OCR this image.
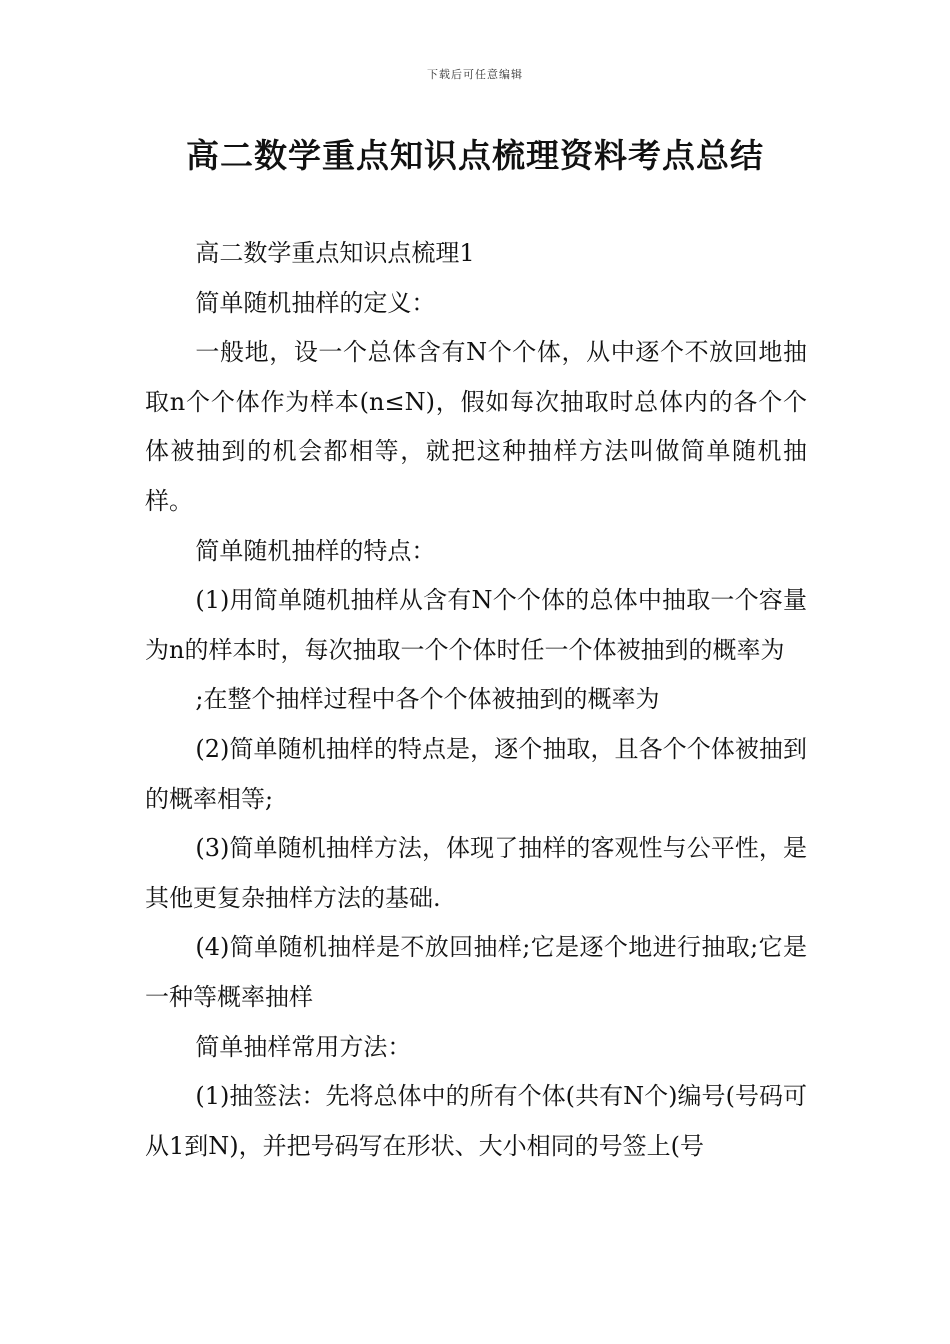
下载后可任意编辑
高二数学重点知识点梳理资料考点总结

高二数学重点知识点梳理1

简单随机抽样的定义：

一般地，设一个总体含有N个个体，从中逐个不放回地抽取n个个体作为样本(n≤N)，假如每次抽取时总体内的各个个体被抽到的机会都相等，就把这种抽样方法叫做简单随机抽样。

简单随机抽样的特点：

(1)用简单随机抽样从含有N个个体的总体中抽取一个容量为n的样本时，每次抽取一个个体时任一个体被抽到的概率为

;在整个抽样过程中各个个体被抽到的概率为

(2)简单随机抽样的特点是，逐个抽取，且各个个体被抽到的概率相等;

(3)简单随机抽样方法，体现了抽样的客观性与公平性，是其他更复杂抽样方法的基础.

(4)简单随机抽样是不放回抽样;它是逐个地进行抽取;它是一种等概率抽样

简单抽样常用方法：

(1)抽签法：先将总体中的所有个体(共有N个)编号(号码可从1到N)，并把号码写在形状、大小相同的号签上(号
